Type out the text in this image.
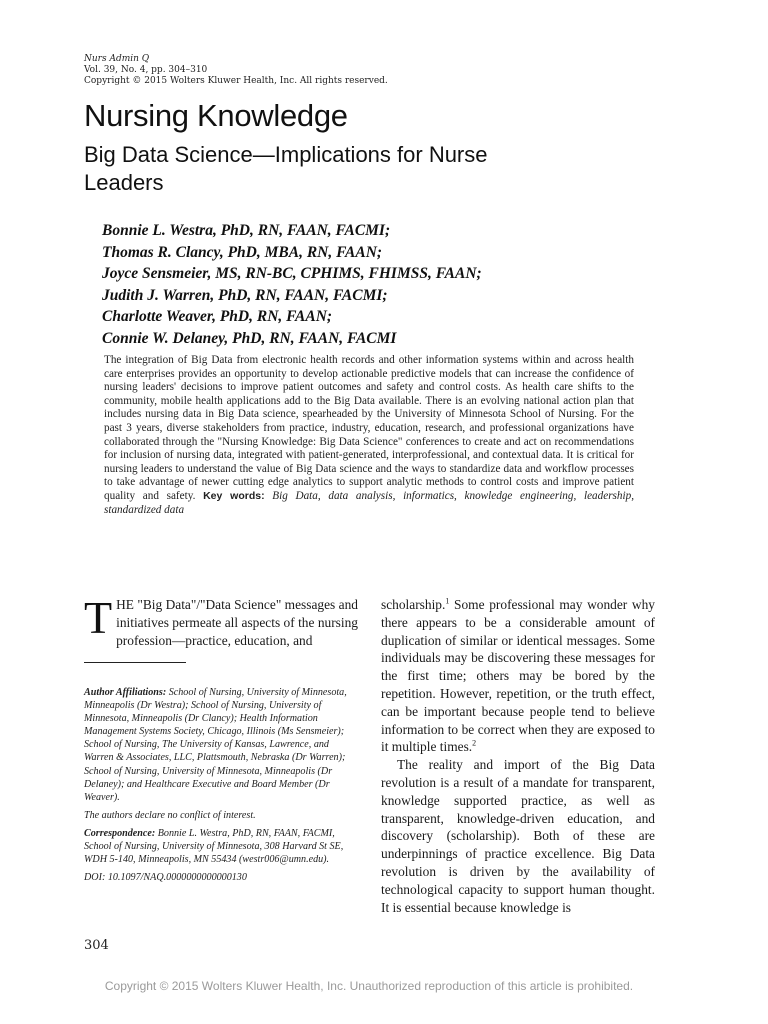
Nurs Admin Q
Vol. 39, No. 4, pp. 304–310
Copyright © 2015 Wolters Kluwer Health, Inc. All rights reserved.
Nursing Knowledge
Big Data Science—Implications for Nurse Leaders
Bonnie L. Westra, PhD, RN, FAAN, FACMI;
Thomas R. Clancy, PhD, MBA, RN, FAAN;
Joyce Sensmeier, MS, RN-BC, CPHIMS, FHIMSS, FAAN;
Judith J. Warren, PhD, RN, FAAN, FACMI;
Charlotte Weaver, PhD, RN, FAAN;
Connie W. Delaney, PhD, RN, FAAN, FACMI

The integration of Big Data from electronic health records and other information systems within and across health care enterprises provides an opportunity to develop actionable predictive models that can increase the confidence of nursing leaders' decisions to improve patient outcomes and safety and control costs. As health care shifts to the community, mobile health applications add to the Big Data available. There is an evolving national action plan that includes nursing data in Big Data science, spearheaded by the University of Minnesota School of Nursing. For the past 3 years, diverse stakeholders from practice, industry, education, research, and professional organizations have collaborated through the "Nursing Knowledge: Big Data Science" conferences to create and act on recommendations for inclusion of nursing data, integrated with patient-generated, interprofessional, and contextual data. It is critical for nursing leaders to understand the value of Big Data science and the ways to standardize data and workflow processes to take advantage of newer cutting edge analytics to support analytic methods to control costs and improve patient quality and safety. Key words: Big Data, data analysis, informatics, knowledge engineering, leadership, standardized data

THE "Big Data"/"Data Science" messages and initiatives permeate all aspects of the nursing profession—practice, education, and

Author Affiliations: School of Nursing, University of Minnesota, Minneapolis (Dr Westra); School of Nursing, University of Minnesota, Minneapolis (Dr Clancy); Health Information Management Systems Society, Chicago, Illinois (Ms Sensmeier); School of Nursing, The University of Kansas, Lawrence, and Warren & Associates, LLC, Plattsmouth, Nebraska (Dr Warren); School of Nursing, University of Minnesota, Minneapolis (Dr Delaney); and Healthcare Executive and Board Member (Dr Weaver).

The authors declare no conflict of interest.

Correspondence: Bonnie L. Westra, PhD, RN, FAAN, FACMI, School of Nursing, University of Minnesota, 308 Harvard St SE, WDH 5-140, Minneapolis, MN 55434 (westr006@umn.edu).

DOI: 10.1097/NAQ.0000000000000130

scholarship.$^1$ Some professional may wonder why there appears to be a considerable amount of duplication of similar or identical messages. Some individuals may be discovering these messages for the first time; others may be bored by the repetition. However, repetition, or the truth effect, can be important because people tend to believe information to be correct when they are exposed to it multiple times.$^2$

The reality and import of the Big Data revolution is a result of a mandate for transparent, knowledge supported practice, as well as transparent, knowledge-driven education, and discovery (scholarship). Both of these are underpinnings of practice excellence. Big Data revolution is driven by the availability of technological capacity to support human thought. It is essential because knowledge is

304
Copyright © 2015 Wolters Kluwer Health, Inc. Unauthorized reproduction of this article is prohibited.
